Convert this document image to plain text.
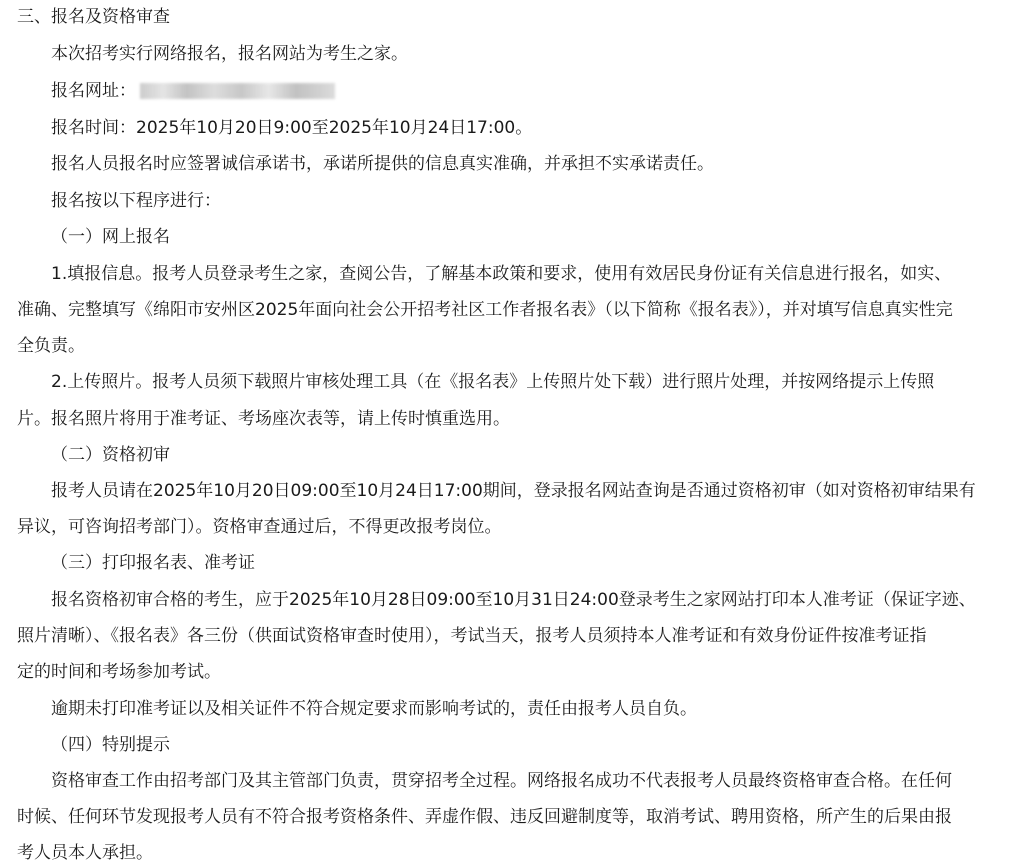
三、报名及资格审查
本次招考实行网络报名，报名网站为考生之家。
报名网址：
报名时间：2025年10月20日9:00至2025年10月24日17:00。
报名人员报名时应签署诚信承诺书，承诺所提供的信息真实准确，并承担不实承诺责任。
报名按以下程序进行：
（一）网上报名
1.填报信息。报考人员登录考生之家，查阅公告，了解基本政策和要求，使用有效居民身份证有关信息进行报名，如实、
准确、完整填写《绵阳市安州区2025年面向社会公开招考社区工作者报名表》（以下简称《报名表》），并对填写信息真实性完
全负责。
2.上传照片。报考人员须下载照片审核处理工具（在《报名表》上传照片处下载）进行照片处理，并按网络提示上传照
片。报名照片将用于准考证、考场座次表等，请上传时慎重选用。
（二）资格初审
报考人员请在2025年10月20日09:00至10月24日17:00期间，登录报名网站查询是否通过资格初审（如对资格初审结果有
异议，可咨询招考部门）。资格审查通过后，不得更改报考岗位。
（三）打印报名表、准考证
报名资格初审合格的考生，应于2025年10月28日09:00至10月31日24:00登录考生之家网站打印本人准考证（保证字迹、
照片清晰）、《报名表》各三份（供面试资格审查时使用），考试当天，报考人员须持本人准考证和有效身份证件按准考证指
定的时间和考场参加考试。
逾期未打印准考证以及相关证件不符合规定要求而影响考试的，责任由报考人员自负。
（四）特别提示
资格审查工作由招考部门及其主管部门负责，贯穿招考全过程。网络报名成功不代表报考人员最终资格审查合格。在任何
时候、任何环节发现报考人员有不符合报考资格条件、弄虚作假、违反回避制度等，取消考试、聘用资格，所产生的后果由报
考人员本人承担。
